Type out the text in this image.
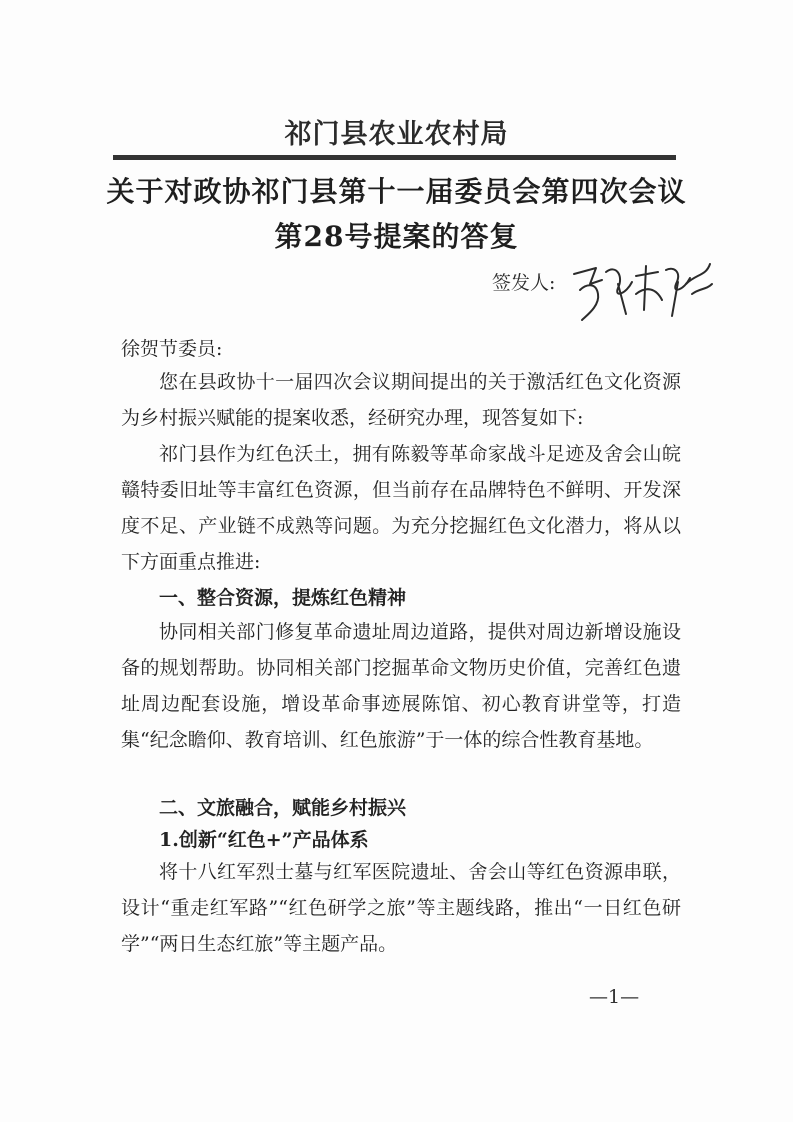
祁门县农业农村局
关于对政协祁门县第十一届委员会第四次会议
第28号提案的答复
签发人:
徐贺节委员:

您在县政协十一届四次会议期间提出的关于激活红色文化资源为乡村振兴赋能的提案收悉，经研究办理，现答复如下:

祁门县作为红色沃土，拥有陈毅等革命家战斗足迹及舍会山皖赣特委旧址等丰富红色资源，但当前存在品牌特色不鲜明、开发深度不足、产业链不成熟等问题。为充分挖掘红色文化潜力，将从以下方面重点推进:

一、整合资源，提炼红色精神

协同相关部门修复革命遗址周边道路，提供对周边新增设施设备的规划帮助。协同相关部门挖掘革命文物历史价值，完善红色遗址周边配套设施，增设革命事迹展陈馆、初心教育讲堂等，打造集“纪念瞻仰、教育培训、红色旅游”于一体的综合性教育基地。

二、文旅融合，赋能乡村振兴

1.创新“红色+”产品体系

将十八红军烈士墓与红军医院遗址、舍会山等红色资源串联，设计“重走红军路”“红色研学之旅”等主题线路，推出“一日红色研学”“两日生态红旅”等主题产品。

—1—
